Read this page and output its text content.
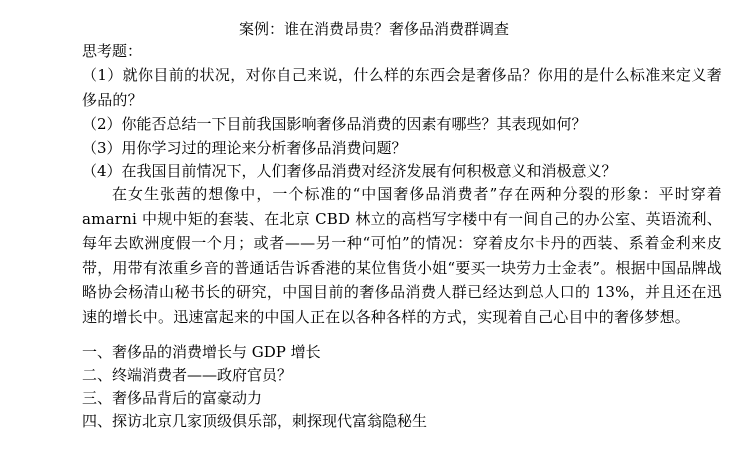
案例：谁在消费昂贵？奢侈品消费群调查
思考题：
（1）就你目前的状况，对你自己来说，什么样的东西会是奢侈品？你用的是什么标准来定义奢侈品的？
（2）你能否总结一下目前我国影响奢侈品消费的因素有哪些？其表现如何？
（3）用你学习过的理论来分析奢侈品消费问题？
（4）在我国目前情况下，人们奢侈品消费对经济发展有何积极意义和消极意义？
在女生张茜的想像中，一个标准的“中国奢侈品消费者”存在两种分裂的形象：平时穿着 amarni 中规中矩的套装、在北京 CBD 林立的高档写字楼中有一间自己的办公室、英语流利、每年去欧洲度假一个月；或者——另一种“可怕”的情况：穿着皮尔卡丹的西装、系着金利来皮带，用带有浓重乡音的普通话告诉香港的某位售货小姐“要买一块劳力士金表”。根据中国品牌战略协会杨清山秘书长的研究，中国目前的奢侈品消费人群已经达到总人口的 13%，并且还在迅速的增长中。迅速富起来的中国人正在以各种各样的方式，实现着自己心目中的奢侈梦想。
一、奢侈品的消费增长与 GDP 增长
二、终端消费者——政府官员？
三、奢侈品背后的富豪动力
四、探访北京几家顶级俱乐部，刺探现代富翁隐秘生
